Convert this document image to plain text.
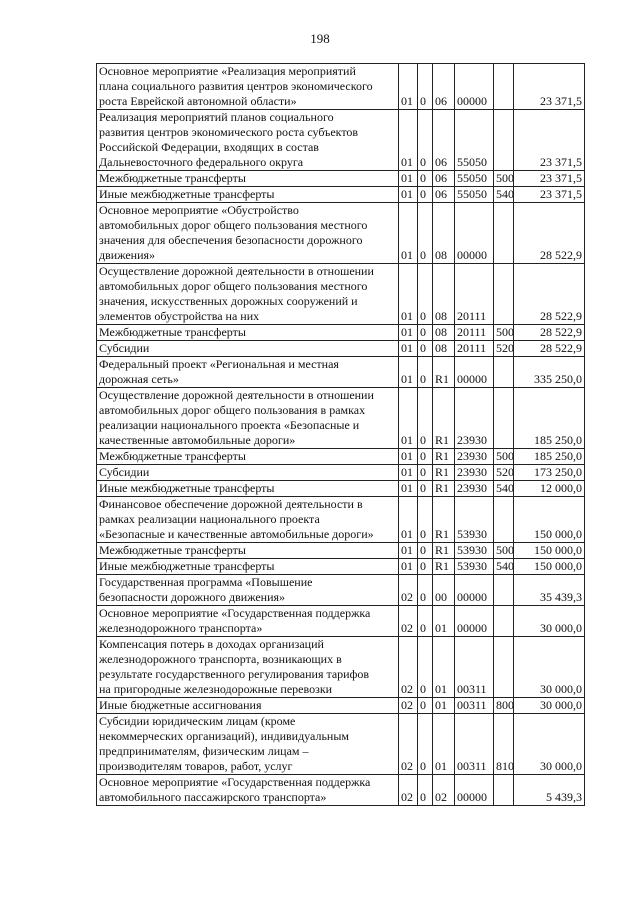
198
Основное мероприятие «Реализация мероприятий
плана социального развития центров экономического
роста Еврейской автономной области»	01	0	06	00000		23 371,5

Реализация мероприятий планов социального
развития центров экономического роста субъектов
Российской Федерации, входящих в состав
Дальневосточного федерального округа	01	0	06	55050		23 371,5

Межбюджетные трансферты	01	0	06	55050	500	23 371,5

Иные межбюджетные трансферты	01	0	06	55050	540	23 371,5

Основное мероприятие «Обустройство
автомобильных дорог общего пользования местного
значения для обеспечения безопасности дорожного
движения»	01	0	08	00000		28 522,9

Осуществление дорожной деятельности в отношении
автомобильных дорог общего пользования местного
значения, искусственных дорожных сооружений и
элементов обустройства на них	01	0	08	20111		28 522,9

Межбюджетные трансферты	01	0	08	20111	500	28 522,9

Субсидии	01	0	08	20111	520	28 522,9

Федеральный проект «Региональная и местная
дорожная сеть»	01	0	R1	00000		335 250,0

Осуществление дорожной деятельности в отношении
автомобильных дорог общего пользования в рамках
реализации национального проекта «Безопасные и
качественные автомобильные дороги»	01	0	R1	23930		185 250,0

Межбюджетные трансферты	01	0	R1	23930	500	185 250,0

Субсидии	01	0	R1	23930	520	173 250,0

Иные межбюджетные трансферты	01	0	R1	23930	540	12 000,0

Финансовое обеспечение дорожной деятельности в
рамках реализации национального проекта
«Безопасные и качественные автомобильные дороги»	01	0	R1	53930		150 000,0

Межбюджетные трансферты	01	0	R1	53930	500	150 000,0

Иные межбюджетные трансферты	01	0	R1	53930	540	150 000,0

Государственная программа «Повышение
безопасности дорожного движения»	02	0	00	00000		35 439,3

Основное мероприятие «Государственная поддержка
железнодорожного транспорта»	02	0	01	00000		30 000,0

Компенсация потерь в доходах организаций
железнодорожного транспорта, возникающих в
результате государственного регулирования тарифов
на пригородные железнодорожные перевозки	02	0	01	00311		30 000,0

Иные бюджетные ассигнования	02	0	01	00311	800	30 000,0

Субсидии юридическим лицам (кроме
некоммерческих организаций), индивидуальным
предпринимателям, физическим лицам –
производителям товаров, работ, услуг	02	0	01	00311	810	30 000,0

Основное мероприятие «Государственная поддержка
автомобильного пассажирского транспорта»	02	0	02	00000		5 439,3
